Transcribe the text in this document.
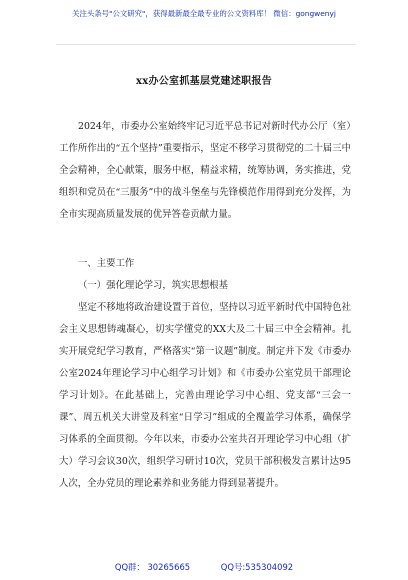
关注头条号"公文研究"，获得最新最全最专业的公文资料库！ 微信：gongwenyj
xx办公室抓基层党建述职报告

2024年，市委办公室始终牢记习近平总书记对新时代办公厅（室）工作所作出的“五个坚持”重要指示，坚定不移学习贯彻党的二十届三中全会精神，全心献策，服务中枢，精益求精，统筹协调，务实推进，党组织和党员在“三服务”中的战斗堡垒与先锋模范作用得到充分发挥，为全市实现高质量发展的优异答卷贡献力量。

一、主要工作

（一）强化理论学习，筑实思想根基

坚定不移地将政治建设置于首位，坚持以习近平新时代中国特色社会主义思想铸魂凝心，切实学懂党的XX大及二十届三中全会精神。扎实开展党纪学习教育，严格落实“第一议题”制度。制定并下发《市委办公室2024年理论学习中心组学习计划》和《市委办公室党员干部理论学习计划》。在此基础上，完善由理论学习中心组、党支部“三会一课”、周五机关大讲堂及科室“日学习”组成的全覆盖学习体系，确保学习体系的全面贯彻。今年以来，市委办公室共召开理论学习中心组（扩大）学习会议30次，组织学习研讨10次，党员干部积极发言累计达95人次，全办党员的理论素养和业务能力得到显著提升。

QQ群： 30265665	QQ号:535304092
